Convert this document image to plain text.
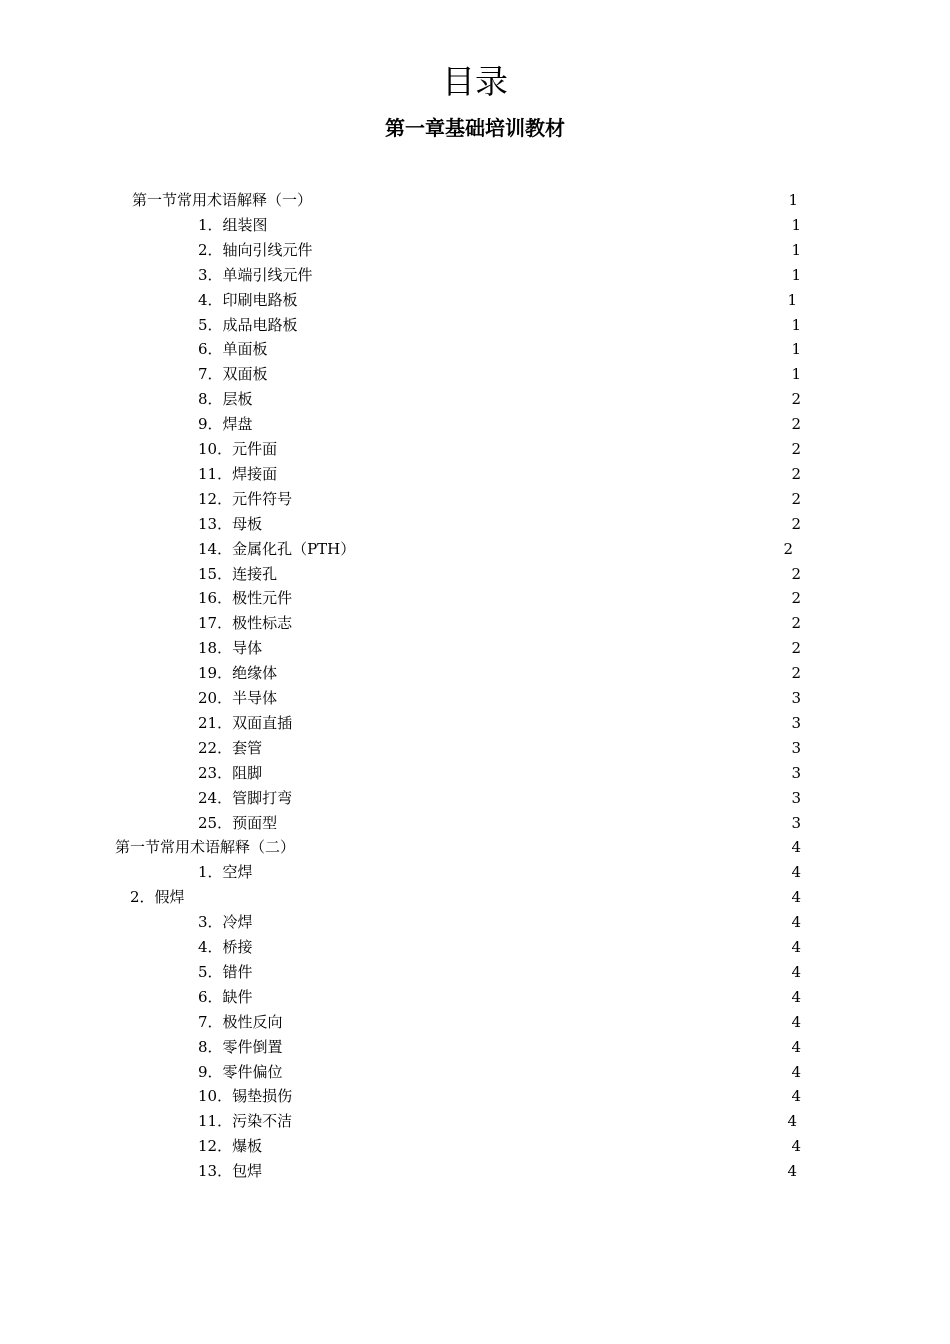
目录
第一章基础培训教材
第一节常用术语解释（一）	1
1．组装图	1
2．轴向引线元件	1
3．单端引线元件	1
4．印刷电路板	1
5．成品电路板	1
6．单面板	1
7．双面板	1
8．层板	2
9．焊盘	2
10．元件面	2
11．焊接面	2
12．元件符号	2
13．母板	2
14．金属化孔（PTH）	2
15．连接孔	2
16．极性元件	2
17．极性标志	2
18．导体	2
19．绝缘体	2
20．半导体	3
21．双面直插	3
22．套管	3
23．阻脚	3
24．管脚打弯	3
25．预面型	3
第一节常用术语解释（二）	4
1．空焊	4
2．假焊	4
3．冷焊	4
4．桥接	4
5．错件	4
6．缺件	4
7．极性反向	4
8．零件倒置	4
9．零件偏位	4
10．锡垫损伤	4
11．污染不洁	4
12．爆板	4
13．包焊	4
